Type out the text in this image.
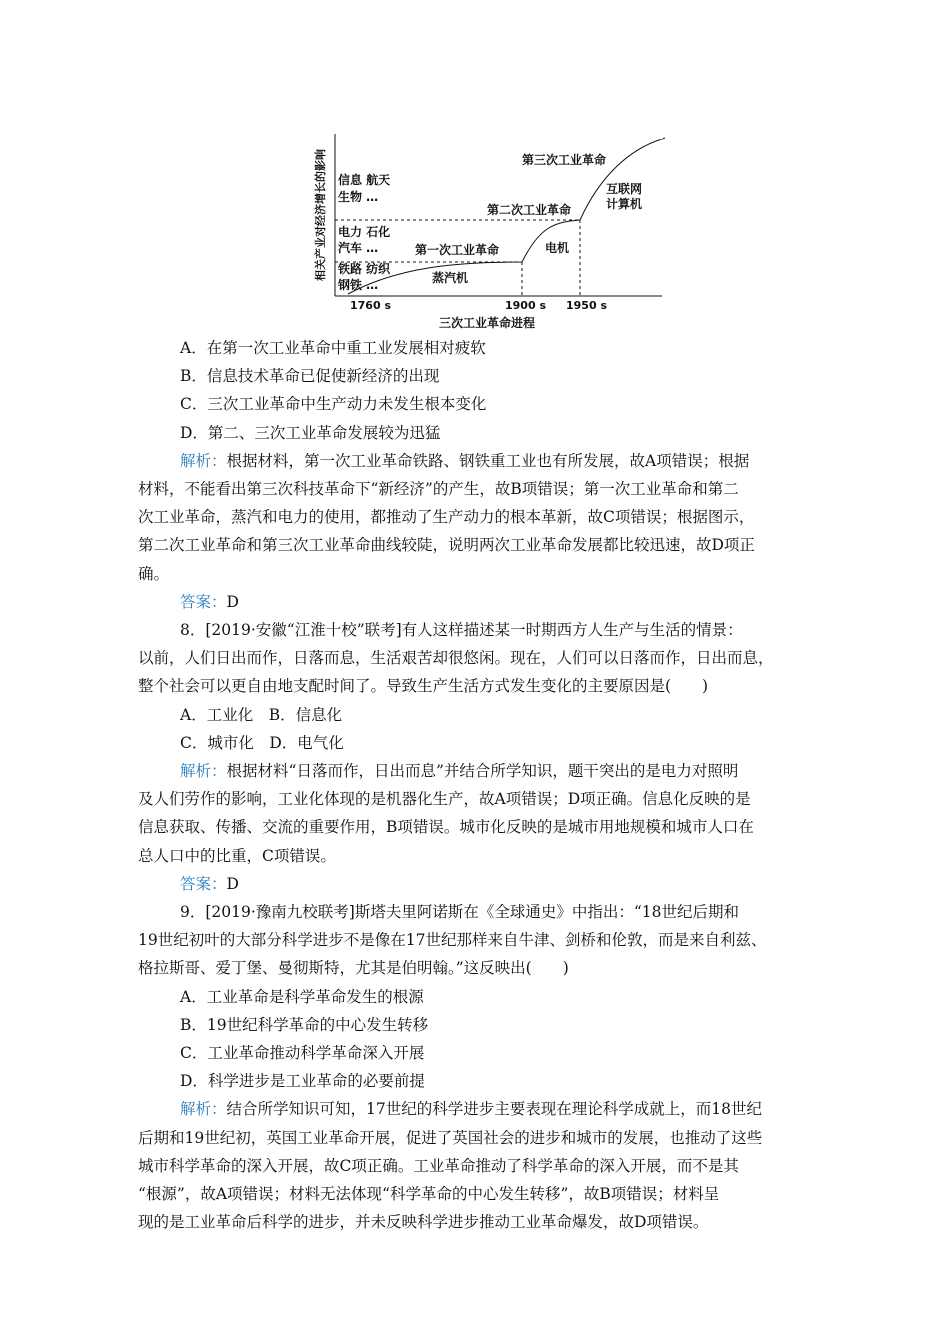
相关产业对经济增长的影响 信息 航天
生物 …
电力 石化
汽车 …
铁路 纺织
钢铁 …
第一次工业革命
第二次工业革命
第三次工业革命
蒸汽机
电机
互联网
计算机
1760 s	1900 s 1950 s
三次工业革命进程
A．在第一次工业革命中重工业发展相对疲软
B．信息技术革命已促使新经济的出现
C．三次工业革命中生产动力未发生根本变化
D．第二、三次工业革命发展较为迅猛
解析：根据材料，第一次工业革命铁路、钢铁重工业也有所发展，故A项错误；根据
材料，不能看出第三次科技革命下“新经济”的产生，故B项错误；第一次工业革命和第二
次工业革命，蒸汽和电力的使用，都推动了生产动力的根本革新，故C项错误；根据图示，
第二次工业革命和第三次工业革命曲线较陡，说明两次工业革命发展都比较迅速，故D项正
确。
答案：D
8．[2019·安徽“江淮十校”联考]有人这样描述某一时期西方人生产与生活的情景：
以前，人们日出而作，日落而息，生活艰苦却很悠闲。现在，人们可以日落而作，日出而息，
整个社会可以更自由地支配时间了。导致生产生活方式发生变化的主要原因是(　　)
A．工业化　B．信息化
C．城市化　D．电气化
解析：根据材料“日落而作，日出而息”并结合所学知识，题干突出的是电力对照明
及人们劳作的影响，工业化体现的是机器化生产，故A项错误；D项正确。信息化反映的是
信息获取、传播、交流的重要作用，B项错误。城市化反映的是城市用地规模和城市人口在
总人口中的比重，C项错误。
答案：D
9．[2019·豫南九校联考]斯塔夫里阿诺斯在《全球通史》中指出：“18世纪后期和
19世纪初叶的大部分科学进步不是像在17世纪那样来自牛津、剑桥和伦敦，而是来自利兹、
格拉斯哥、爱丁堡、曼彻斯特，尤其是伯明翰。”这反映出(　　)
A．工业革命是科学革命发生的根源
B．19世纪科学革命的中心发生转移
C．工业革命推动科学革命深入开展
D．科学进步是工业革命的必要前提
解析：结合所学知识可知，17世纪的科学进步主要表现在理论科学成就上，而18世纪
后期和19世纪初，英国工业革命开展，促进了英国社会的进步和城市的发展，也推动了这些
城市科学革命的深入开展，故C项正确。工业革命推动了科学革命的深入开展，而不是其
“根源”，故A项错误；材料无法体现“科学革命的中心发生转移”，故B项错误；材料呈
现的是工业革命后科学的进步，并未反映科学进步推动工业革命爆发，故D项错误。
